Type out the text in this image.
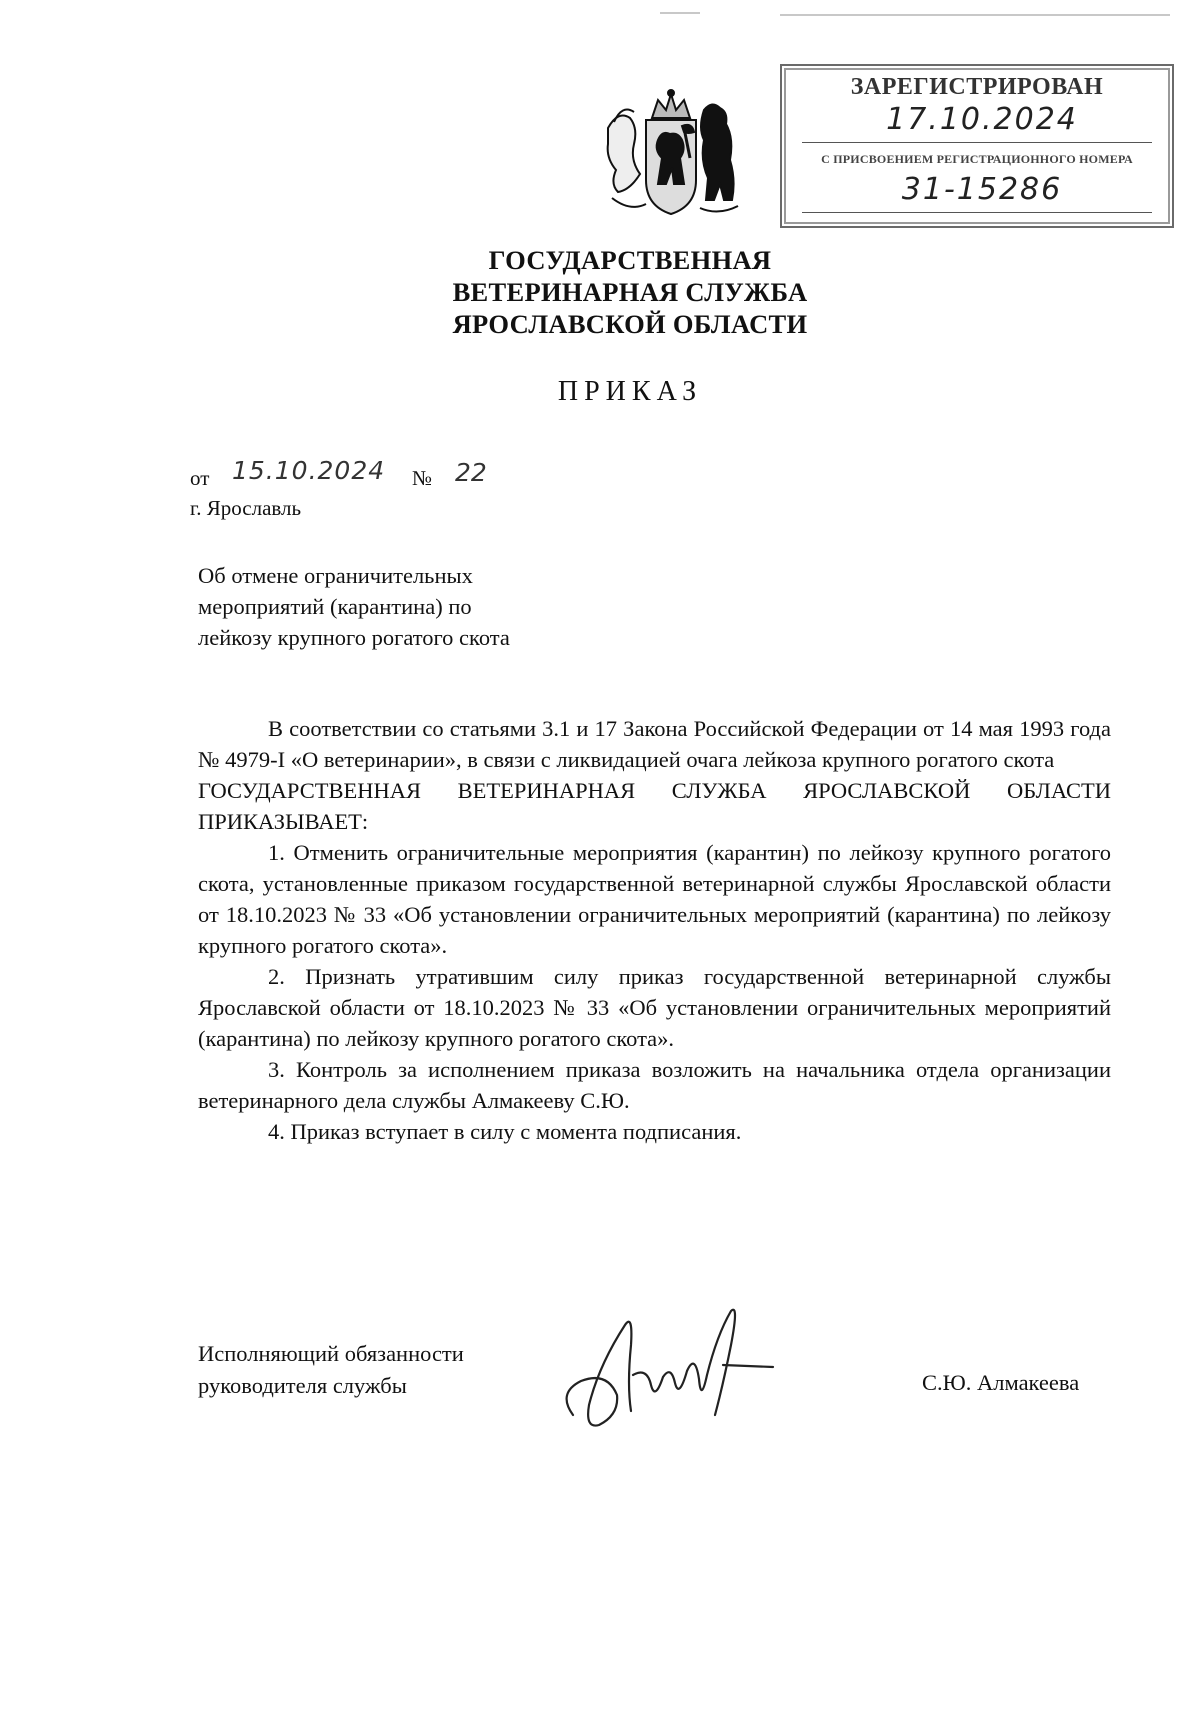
ЗАРЕГИСТРИРОВАН
17.10.2024
С ПРИСВОЕНИЕМ РЕГИСТРАЦИОННОГО НОМЕРА
31-15286
ГОСУДАРСТВЕННАЯ
ВЕТЕРИНАРНАЯ СЛУЖБА
ЯРОСЛАВСКОЙ ОБЛАСТИ
ПРИКАЗ
от 15.10.2024 № 22
г. Ярославль
Об отмене ограничительных
мероприятий (карантина) по
лейкозу крупного рогатого скота

В соответствии со статьями 3.1 и 17 Закона Российской Федерации от 14 мая 1993 года № 4979-I «О ветеринарии», в связи с ликвидацией очага лейкоза крупного рогатого скота

ГОСУДАРСТВЕННАЯ ВЕТЕРИНАРНАЯ СЛУЖБА ЯРОСЛАВСКОЙ ОБЛАСТИ ПРИКАЗЫВАЕТ:

1. Отменить ограничительные мероприятия (карантин) по лейкозу крупного рогатого скота, установленные приказом государственной ветеринарной службы Ярославской области от 18.10.2023 № 33 «Об установлении ограничительных мероприятий (карантина) по лейкозу крупного рогатого скота».

2. Признать утратившим силу приказ государственной ветеринарной службы Ярославской области от 18.10.2023 № 33 «Об установлении ограничительных мероприятий (карантина) по лейкозу крупного рогатого скота».

3. Контроль за исполнением приказа возложить на начальника отдела организации ветеринарного дела службы Алмакееву С.Ю.

4. Приказ вступает в силу с момента подписания.

Исполняющий обязанности
руководителя службы	С.Ю. Алмакеева
